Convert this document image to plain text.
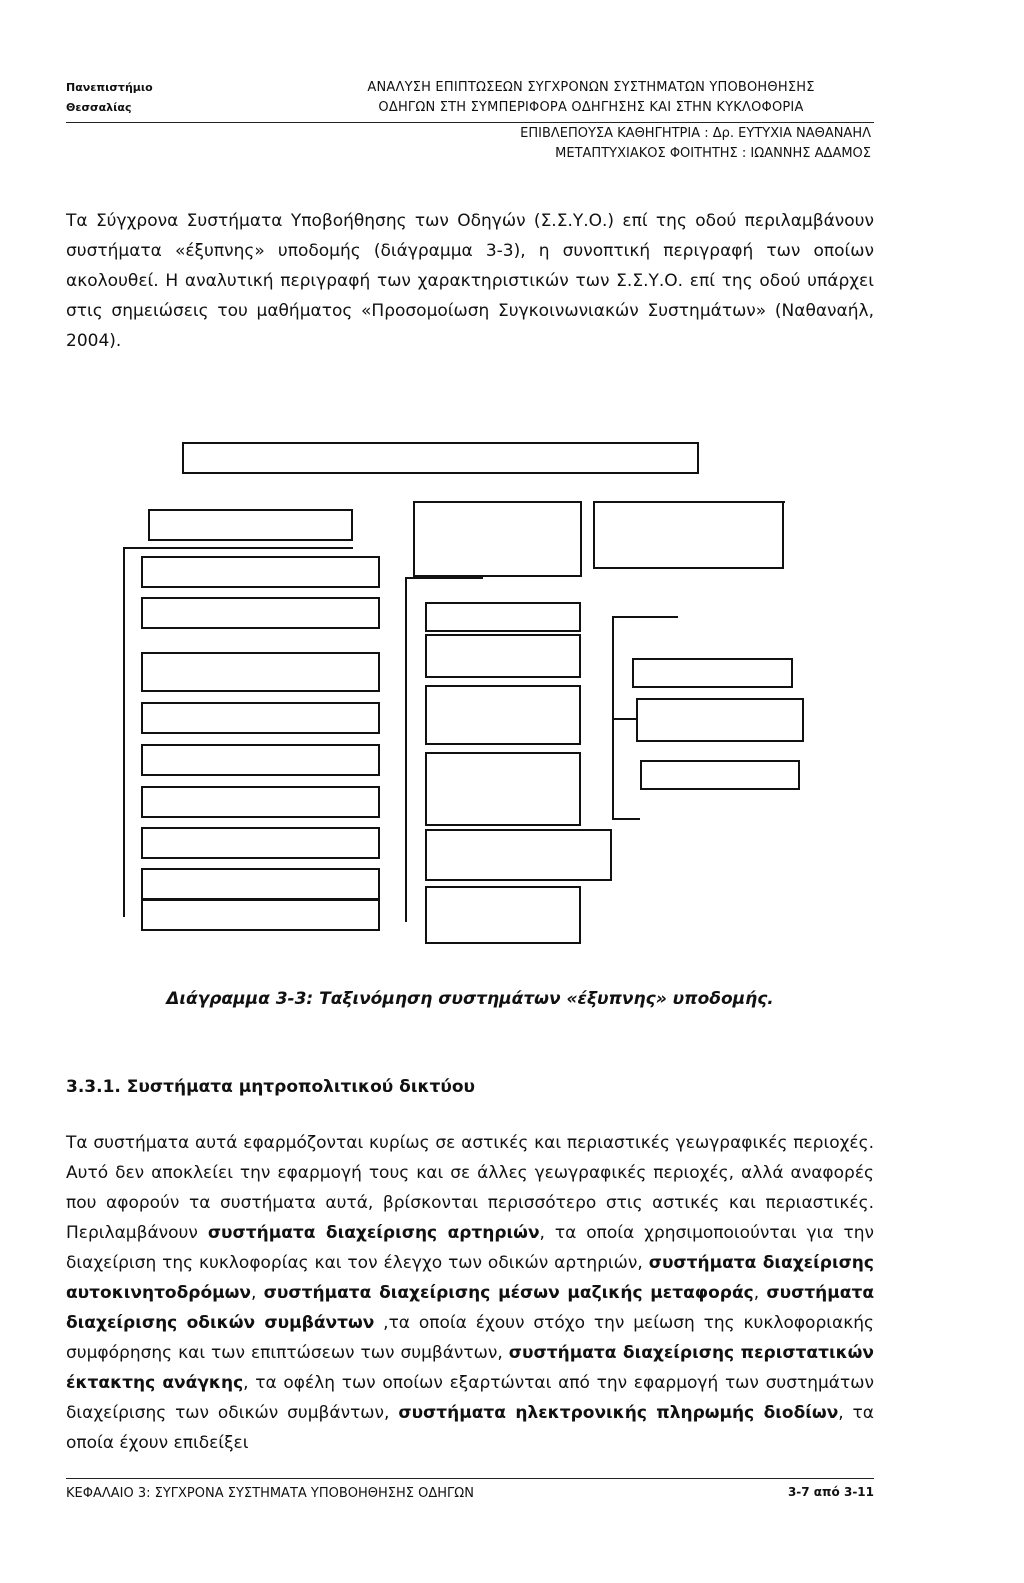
Πανεπιστήμιο
Θεσσαλίας
ΑΝΑΛΥΣΗ ΕΠΙΠΤΩΣΕΩΝ ΣΥΓΧΡΟΝΩΝ ΣΥΣΤΗΜΑΤΩΝ ΥΠΟΒΟΗΘΗΣΗΣ
ΟΔΗΓΩΝ ΣΤΗ ΣΥΜΠΕΡΙΦΟΡΑ ΟΔΗΓΗΣΗΣ ΚΑΙ ΣΤΗΝ ΚΥΚΛΟΦΟΡΙΑ
ΕΠΙΒΛΕΠΟΥΣΑ ΚΑΘΗΓΗΤΡΙΑ : Δρ. ΕΥΤΥΧΙΑ ΝΑΘΑΝΑΗΛ
ΜΕΤΑΠΤΥΧΙΑΚΟΣ ΦΟΙΤΗΤΗΣ : ΙΩΑΝΝΗΣ ΑΔΑΜΟΣ

Τα Σύγχρονα Συστήματα Υποβοήθησης των Οδηγών (Σ.Σ.Υ.Ο.) επί της οδού περιλαμβάνουν συστήματα «έξυπνης» υποδομής (διάγραμμα 3-3), η συνοπτική περιγραφή των οποίων ακολουθεί. Η αναλυτική περιγραφή των χαρακτηριστικών των Σ.Σ.Υ.Ο. επί της οδού υπάρχει στις σημειώσεις του μαθήματος «Προσομοίωση Συγκοινωνιακών Συστημάτων» (Ναθαναήλ, 2004).

Διάγραμμα 3-3: Ταξινόμηση συστημάτων «έξυπνης» υποδομής.
3.3.1. Συστήματα μητροπολιτικού δικτύου

Τα συστήματα αυτά εφαρμόζονται κυρίως σε αστικές και περιαστικές γεωγραφικές περιοχές. Αυτό δεν αποκλείει την εφαρμογή τους και σε άλλες γεωγραφικές περιοχές, αλλά αναφορές που αφορούν τα συστήματα αυτά, βρίσκονται περισσότερο στις αστικές και περιαστικές. Περιλαμβάνουν συστήματα διαχείρισης αρτηριών, τα οποία χρησιμοποιούνται για την διαχείριση της κυκλοφορίας και τον έλεγχο των οδικών αρτηριών, συστήματα διαχείρισης αυτοκινητοδρόμων, συστήματα διαχείρισης μέσων μαζικής μεταφοράς, συστήματα διαχείρισης οδικών συμβάντων ,τα οποία έχουν στόχο την μείωση της κυκλοφοριακής συμφόρησης και των επιπτώσεων των συμβάντων, συστήματα διαχείρισης περιστατικών έκτακτης ανάγκης, τα οφέλη των οποίων εξαρτώνται από την εφαρμογή των συστημάτων διαχείρισης των οδικών συμβάντων, συστήματα ηλεκτρονικής πληρωμής διοδίων, τα οποία έχουν επιδείξει

ΚΕΦΑΛΑΙΟ 3: ΣΥΓΧΡΟΝΑ ΣΥΣΤΗΜΑΤΑ ΥΠΟΒΟΗΘΗΣΗΣ ΟΔΗΓΩΝ	3-7 από 3-11
